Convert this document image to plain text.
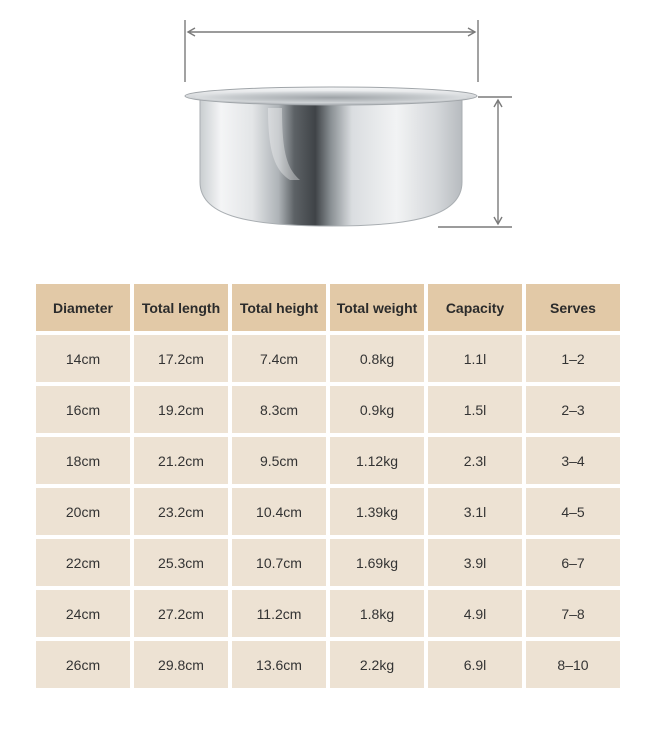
Diameter	Total length	Total height	Total weight	Capacity	Serves
14cm	17.2cm	7.4cm	0.8kg	1.1l	1–2
16cm	19.2cm	8.3cm	0.9kg	1.5l	2–3
18cm	21.2cm	9.5cm	1.12kg	2.3l	3–4
20cm	23.2cm	10.4cm	1.39kg	3.1l	4–5
22cm	25.3cm	10.7cm	1.69kg	3.9l	6–7
24cm	27.2cm	11.2cm	1.8kg	4.9l	7–8
26cm	29.8cm	13.6cm	2.2kg	6.9l	8–10
